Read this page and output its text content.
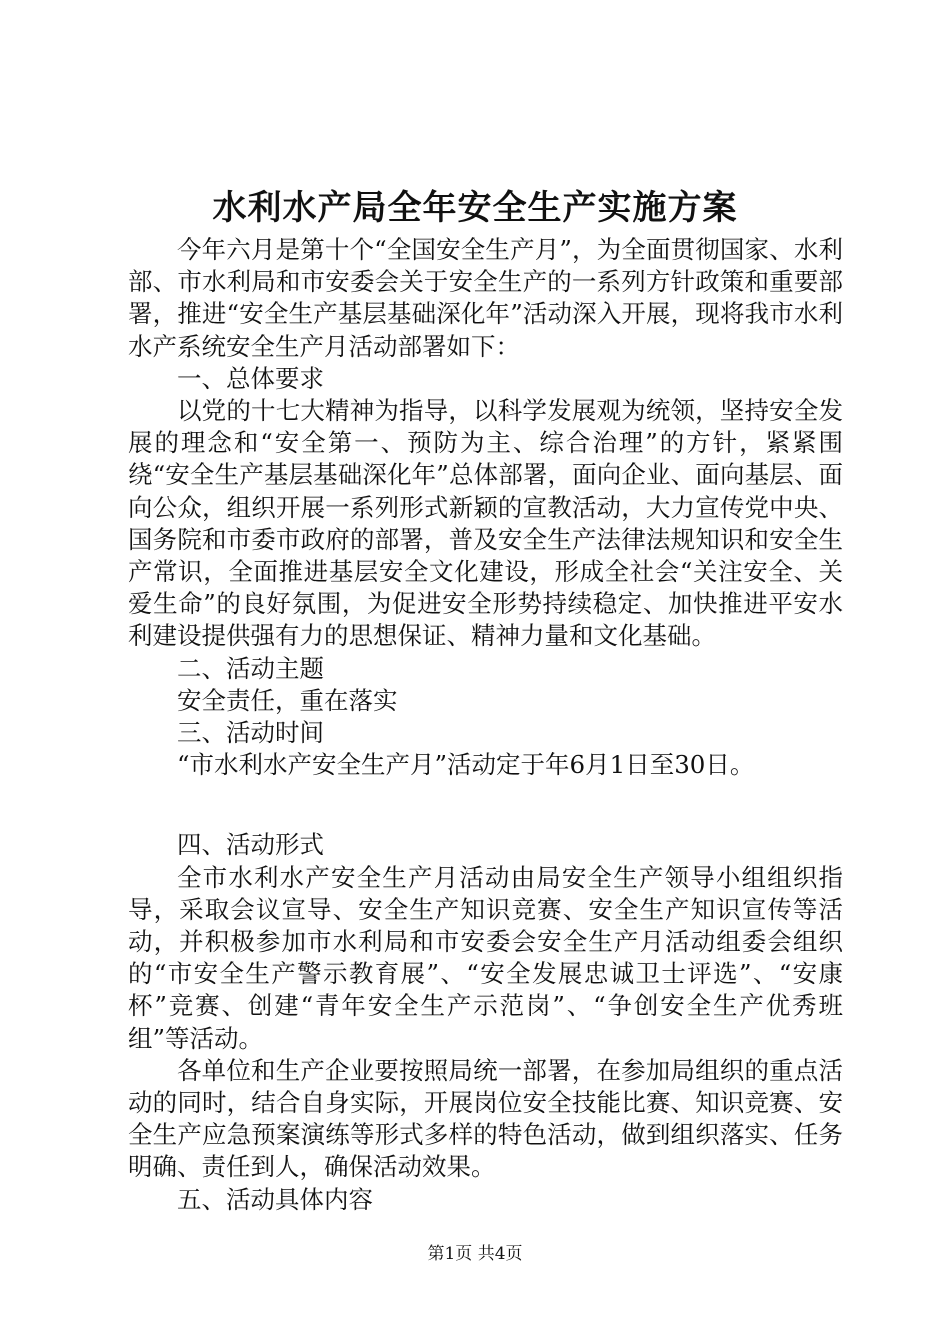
水利水产局全年安全生产实施方案

今年六月是第十个“全国安全生产月”，为全面贯彻国家、水利部、市水利局和市安委会关于安全生产的一系列方针政策和重要部署，推进“安全生产基层基础深化年”活动深入开展，现将我市水利水产系统安全生产月活动部署如下：

一、总体要求

以党的十七大精神为指导，以科学发展观为统领，坚持安全发展的理念和“安全第一、预防为主、综合治理”的方针，紧紧围绕“安全生产基层基础深化年”总体部署，面向企业、面向基层、面向公众，组织开展一系列形式新颖的宣教活动，大力宣传党中央、国务院和市委市政府的部署，普及安全生产法律法规知识和安全生产常识，全面推进基层安全文化建设，形成全社会“关注安全、关爱生命”的良好氛围，为促进安全形势持续稳定、加快推进平安水利建设提供强有力的思想保证、精神力量和文化基础。

二、活动主题

安全责任，重在落实

三、活动时间

“市水利水产安全生产月”活动定于年6月1日至30日。

四、活动形式

全市水利水产安全生产月活动由局安全生产领导小组组织指导，采取会议宣导、安全生产知识竞赛、安全生产知识宣传等活动，并积极参加市水利局和市安委会安全生产月活动组委会组织的“市安全生产警示教育展”、“安全发展忠诚卫士评选”、“安康杯”竞赛、创建“青年安全生产示范岗”、“争创安全生产优秀班组”等活动。

各单位和生产企业要按照局统一部署，在参加局组织的重点活动的同时，结合自身实际，开展岗位安全技能比赛、知识竞赛、安全生产应急预案演练等形式多样的特色活动，做到组织落实、任务明确、责任到人，确保活动效果。

五、活动具体内容

第1页 共4页
